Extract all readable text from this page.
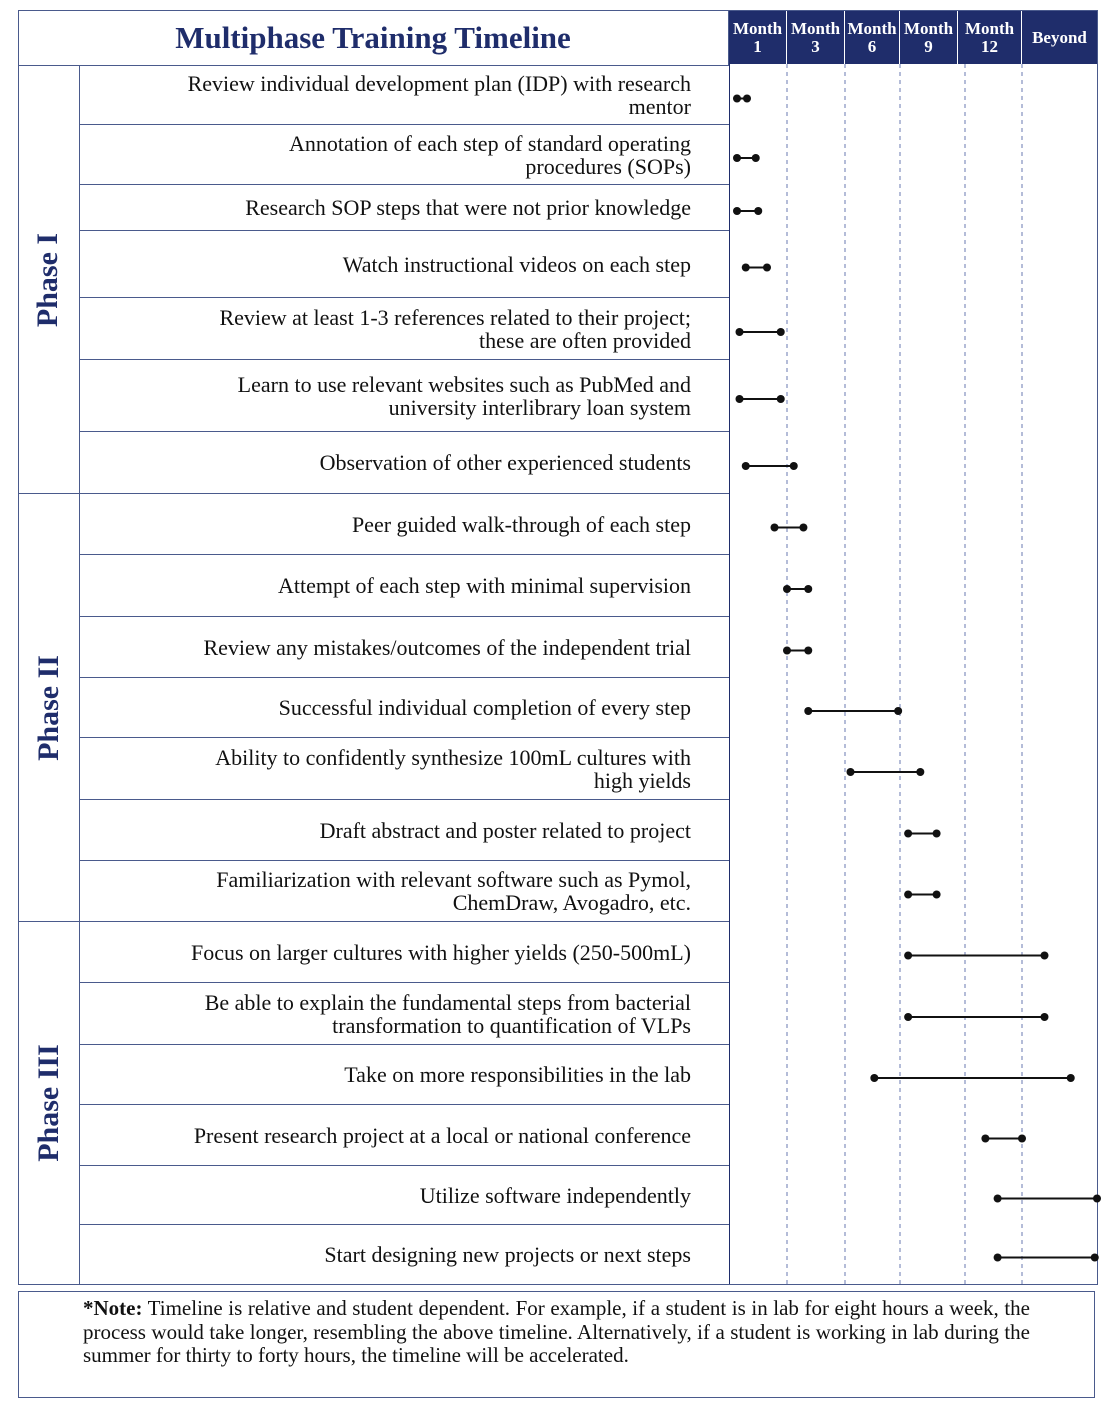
Multiphase Training Timeline	Month
1
Month
3
Month
6
Month
9
Month
12	Beyond
Phase I
Phase II
Phase III
Review individual development plan (IDP) with research
mentor
Annotation of each step of standard operating
procedures (SOPs)
Research SOP steps that were not prior knowledge
Watch instructional videos on each step
Review at least 1-3 references related to their project;
these are often provided
Learn to use relevant websites such as PubMed and
university interlibrary loan system
Observation of other experienced students
Peer guided walk-through of each step
Attempt of each step with minimal supervision
Review any mistakes/outcomes of the independent trial
Successful individual completion of every step
Ability to confidently synthesize 100mL cultures with
high yields
Draft abstract and poster related to project
Familiarization with relevant software such as Pymol,
ChemDraw, Avogadro, etc.
Focus on larger cultures with higher yields (250-500mL)
Be able to explain the fundamental steps from bacterial
transformation to quantification of VLPs
Take on more responsibilities in the lab
Present research project at a local or national conference
Utilize software independently
Start designing new projects or next steps

*Note: Timeline is relative and student dependent. For example, if a student is in lab for eight hours a week, the process would take longer, resembling the above timeline. Alternatively, if a student is working in lab during the summer for thirty to forty hours, the timeline will be accelerated.
